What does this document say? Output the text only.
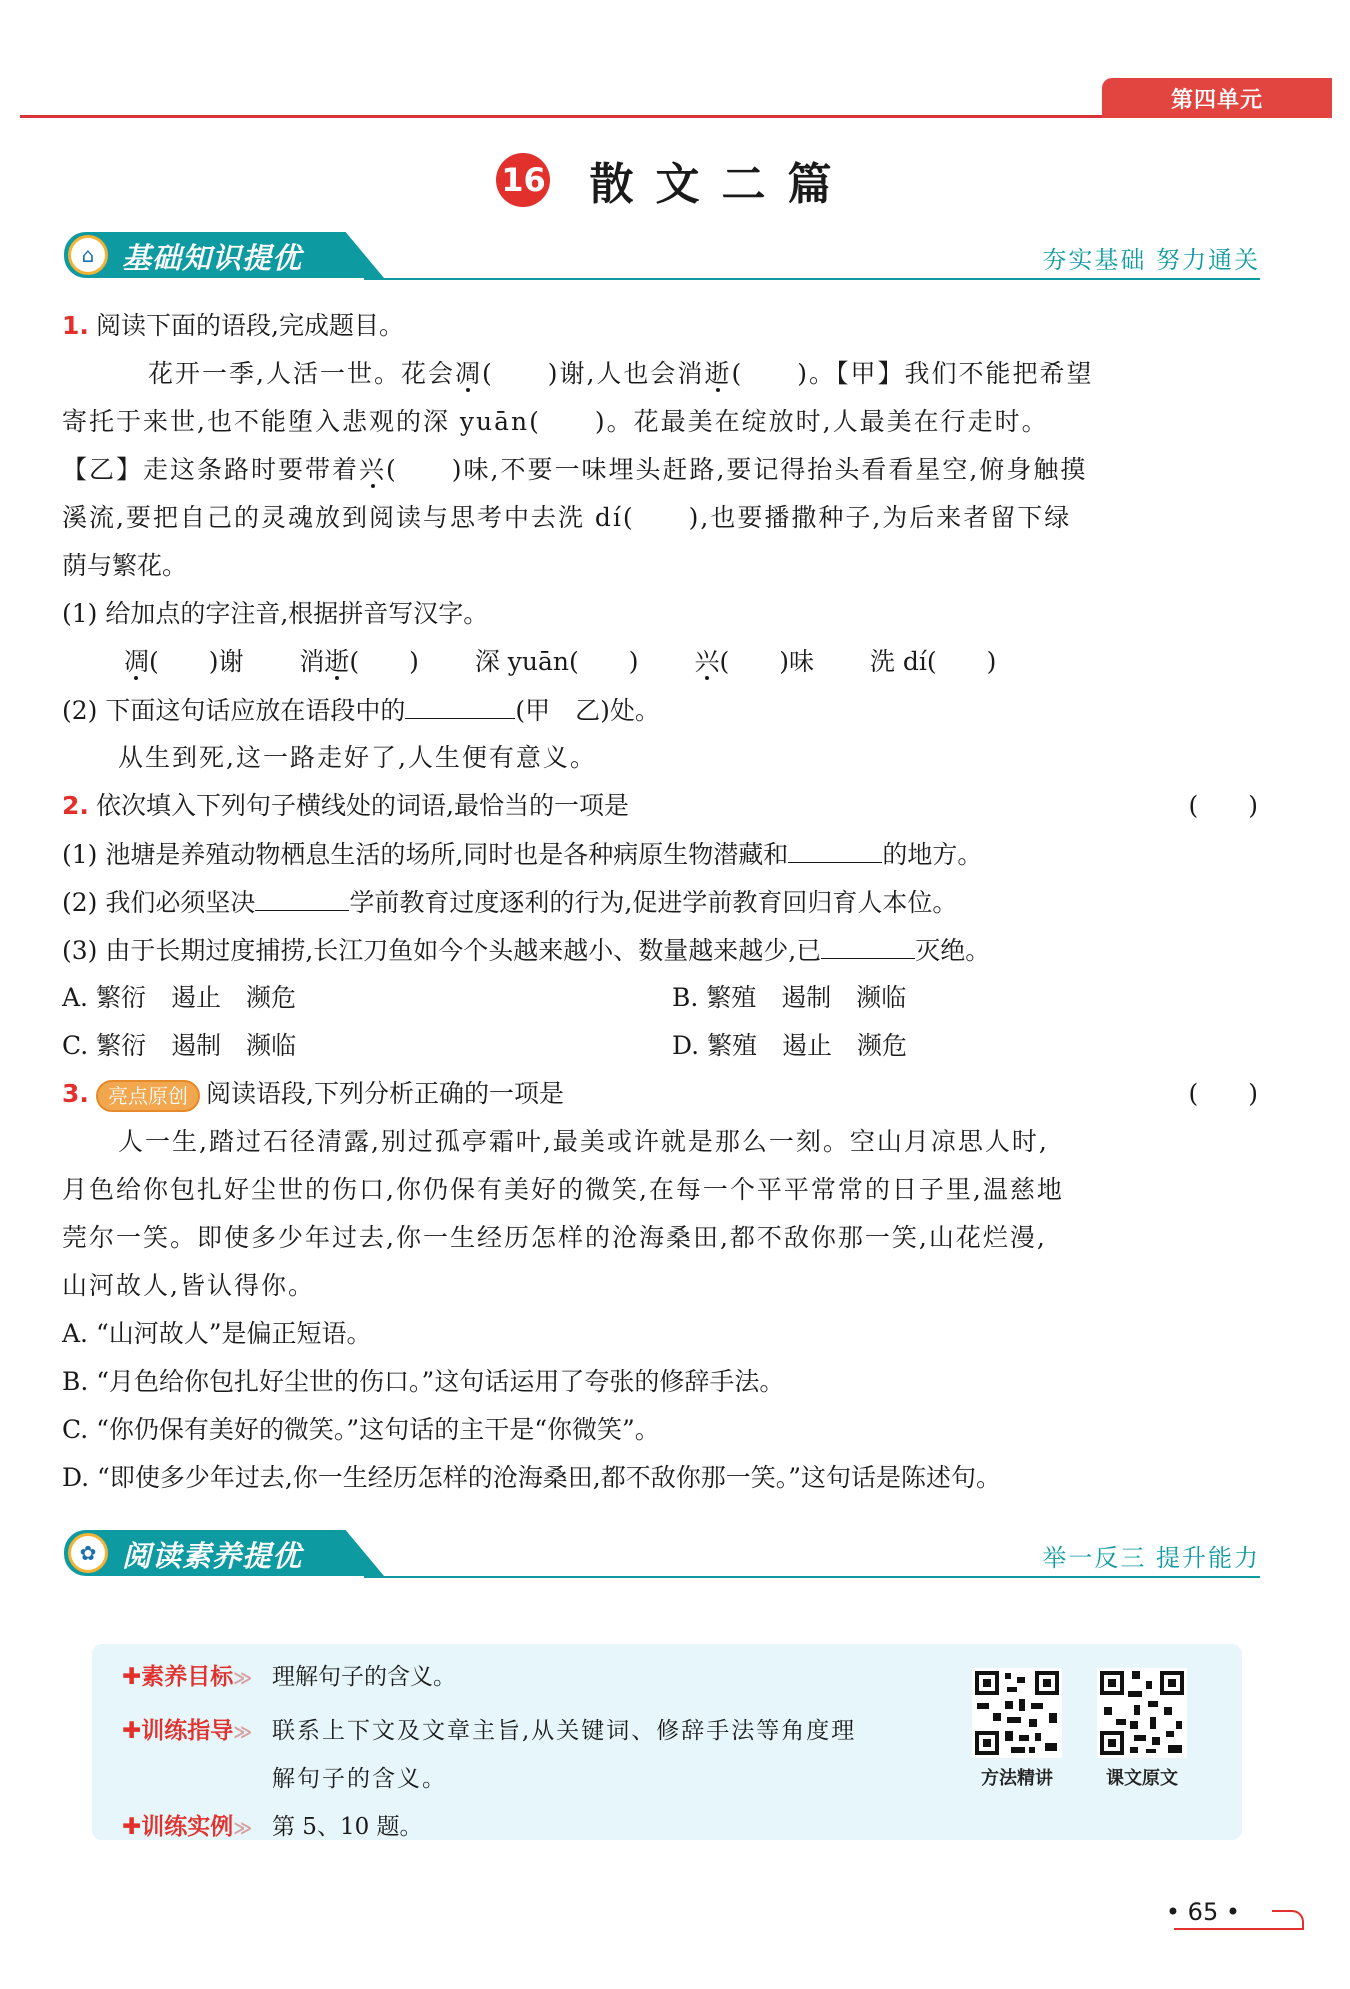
第四单元
16 散文二篇
⌂ 基础知识提优	夯实基础 努力通关
1. 阅读下面的语段,完成题目。
花开一季,人活一世。花会凋(　　)谢,人也会消逝(　　)。【甲】我们不能把希望
寄托于来世,也不能堕入悲观的深 yuān(　　)。花最美在绽放时,人最美在行走时。
【乙】走这条路时要带着兴(　　)味,不要一味埋头赶路,要记得抬头看看星空,俯身触摸
溪流,要把自己的灵魂放到阅读与思考中去洗 dí(　　),也要播撒种子,为后来者留下绿
荫与繁花。
(1) 给加点的字注音,根据拼音写汉字。
凋(　　)谢 消逝(　　) 深 yuān(　　) 兴(　　)味 洗 dí(　　)
(2) 下面这句话应放在语段中的	(甲　乙)处。
从生到死,这一路走好了,人生便有意义。
2. 依次填入下列句子横线处的词语,最恰当的一项是	(　　)
(1) 池塘是养殖动物栖息生活的场所,同时也是各种病原生物潜藏和	的地方。
(2) 我们必须坚决	学前教育过度逐利的行为,促进学前教育回归育人本位。
(3) 由于长期过度捕捞,长江刀鱼如今个头越来越小、数量越来越少,已	灭绝。
A. 繁衍　遏止　濒危	B. 繁殖　遏制　濒临
C. 繁衍　遏制　濒临	D. 繁殖　遏止　濒危
3. 亮点原创 阅读语段,下列分析正确的一项是	(　　)
人一生,踏过石径清露,别过孤亭霜叶,最美或许就是那么一刻。空山月凉思人时,
月色给你包扎好尘世的伤口,你仍保有美好的微笑,在每一个平平常常的日子里,温慈地
莞尔一笑。即使多少年过去,你一生经历怎样的沧海桑田,都不敌你那一笑,山花烂漫,
山河故人,皆认得你。
A. “山河故人”是偏正短语。
B. “月色给你包扎好尘世的伤口。”这句话运用了夸张的修辞手法。
C. “你仍保有美好的微笑。”这句话的主干是“你微笑”。
D. “即使多少年过去,你一生经历怎样的沧海桑田,都不敌你那一笑。”这句话是陈述句。
✿ 阅读素养提优	举一反三 提升能力
✚素养目标≫ 理解句子的含义。
✚训练指导≫ 联系上下文及文章主旨,从关键词、修辞手法等角度理
解句子的含义。
✚训练实例≫ 第 5、10 题。
方法精讲	课文原文
• 65 •
